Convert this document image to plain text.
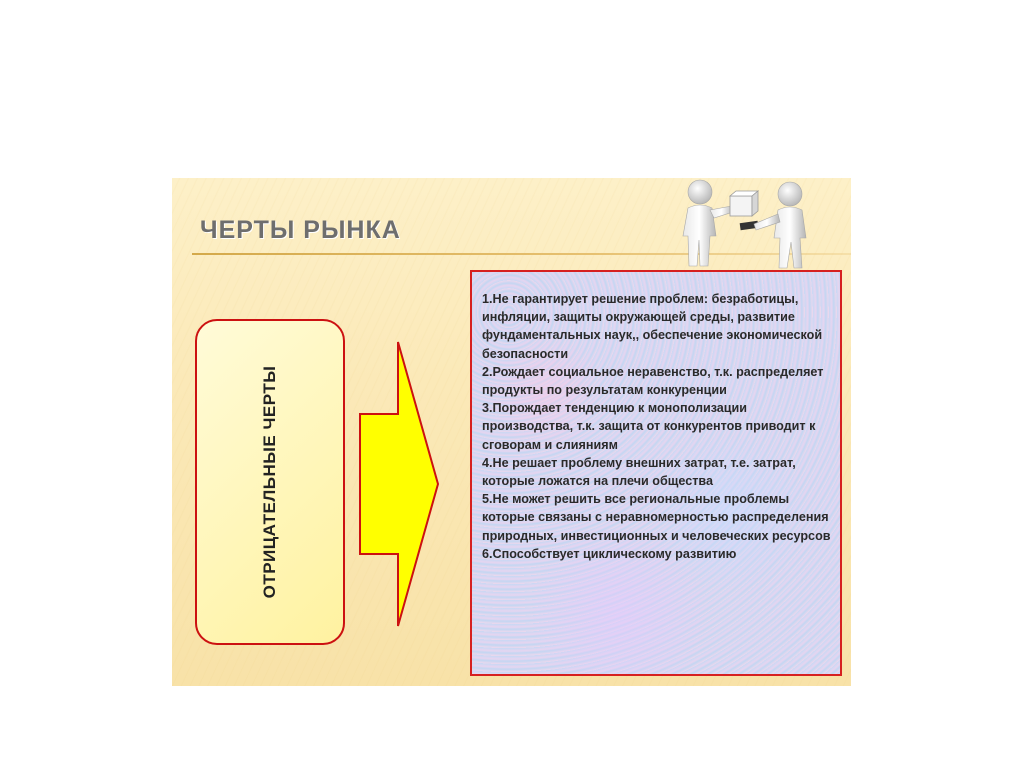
ЧЕРТЫ РЫНКА
ОТРИЦАТЕЛЬНЫЕ ЧЕРТЫ

1.Не гарантирует решение проблем: безработицы, инфляции, защиты окружающей среды, развитие фундаментальных наук,, обеспечение экономической безопасности

2.Рождает социальное неравенство, т.к. распределяет продукты по результатам конкуренции

3.Порождает тенденцию к монополизации производства, т.к. защита от конкурентов приводит к сговорам и слияниям

4.Не решает проблему внешних затрат, т.е. затрат, которые ложатся на плечи общества

5.Не может решить все региональные проблемы которые связаны с неравномерностью распределения природных, инвестиционных и человеческих ресурсов

6.Способствует циклическому развитию
